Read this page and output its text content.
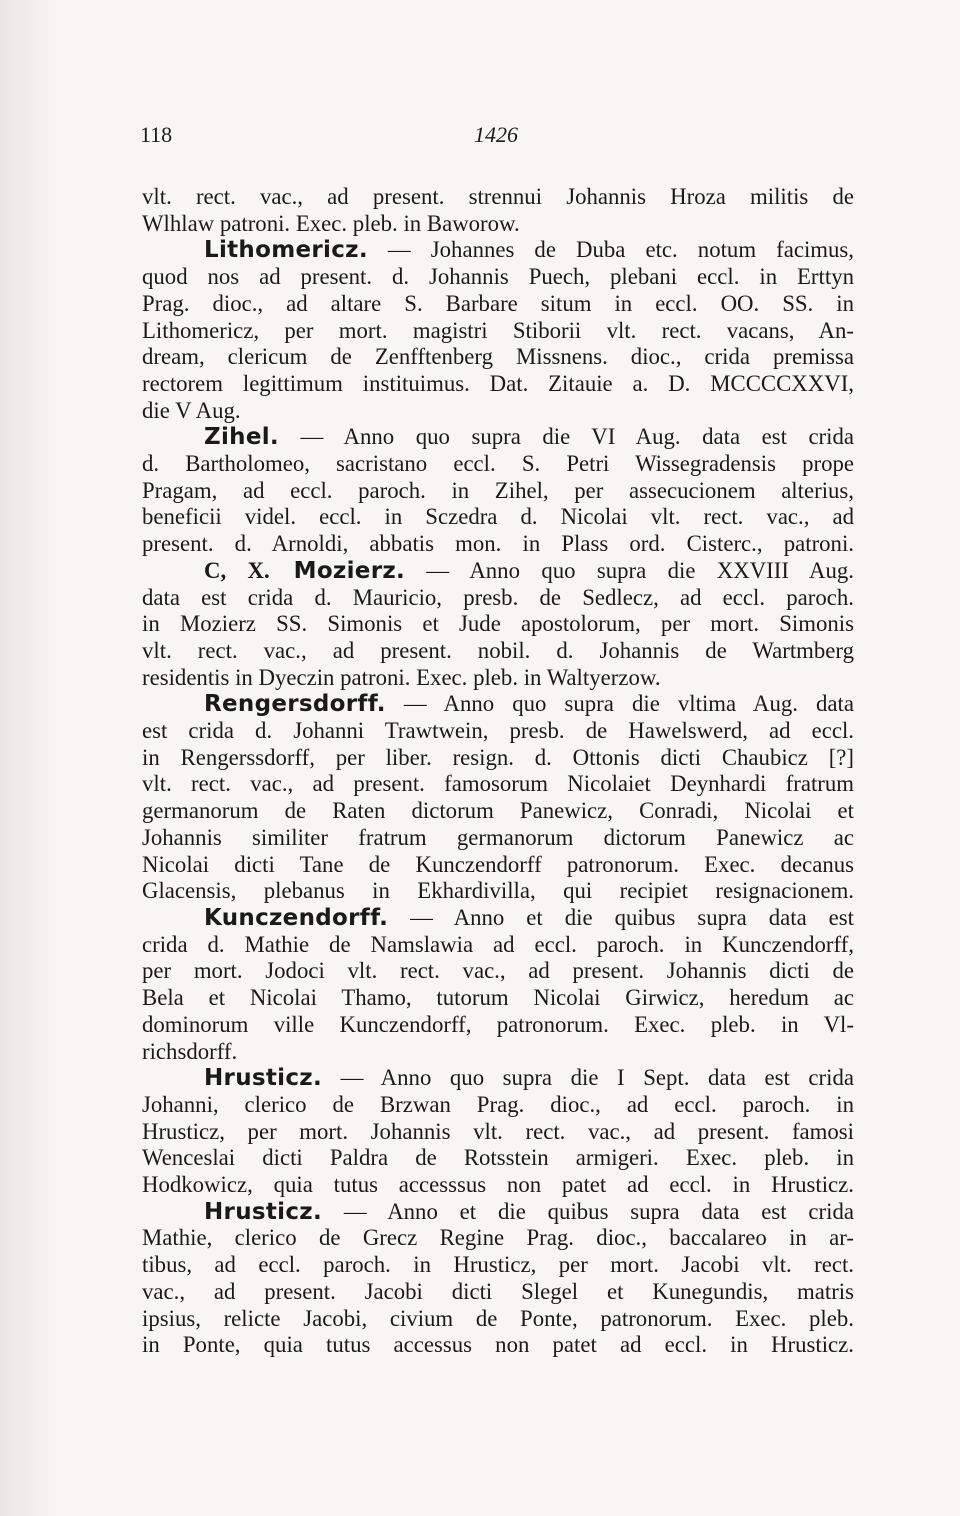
118	1426
vlt. rect. vac., ad present. strennui Johannis Hroza militis de
Wlhlaw patroni. Exec. pleb. in Baworow.
Lithomericz. — Johannes de Duba etc. notum facimus,
quod nos ad present. d. Johannis Puech, plebani eccl. in Erttyn
Prag. dioc., ad altare S. Barbare situm in eccl. OO. SS. in
Lithomericz, per mort. magistri Stiborii vlt. rect. vacans, An-
dream, clericum de Zenfftenberg Missnens. dioc., crida premissa
rectorem legittimum instituimus. Dat. Zitauie a. D. MCCCCXXVI,
die V Aug.
Zihel. — Anno quo supra die VI Aug. data est crida
d. Bartholomeo, sacristano eccl. S. Petri Wissegradensis prope
Pragam, ad eccl. paroch. in Zihel, per assecucionem alterius,
beneficii videl. eccl. in Sczedra d. Nicolai vlt. rect. vac., ad
present. d. Arnoldi, abbatis mon. in Plass ord. Cisterc., patroni.
C, X. Mozierz. — Anno quo supra die XXVIII Aug.
data est crida d. Mauricio, presb. de Sedlecz, ad eccl. paroch.
in Mozierz SS. Simonis et Jude apostolorum, per mort. Simonis
vlt. rect. vac., ad present. nobil. d. Johannis de Wartmberg
residentis in Dyeczin patroni. Exec. pleb. in Waltyerzow.
Rengersdorff. — Anno quo supra die vltima Aug. data
est crida d. Johanni Trawtwein, presb. de Hawelswerd, ad eccl.
in Rengerssdorff, per liber. resign. d. Ottonis dicti Chaubicz [?]
vlt. rect. vac., ad present. famosorum Nicolaiet Deynhardi fratrum
germanorum de Raten dictorum Panewicz, Conradi, Nicolai et
Johannis similiter fratrum germanorum dictorum Panewicz ac
Nicolai dicti Tane de Kunczendorff patronorum. Exec. decanus
Glacensis, plebanus in Ekhardivilla, qui recipiet resignacionem.
Kunczendorff. — Anno et die quibus supra data est
crida d. Mathie de Namslawia ad eccl. paroch. in Kunczendorff,
per mort. Jodoci vlt. rect. vac., ad present. Johannis dicti de
Bela et Nicolai Thamo, tutorum Nicolai Girwicz, heredum ac
dominorum ville Kunczendorff, patronorum. Exec. pleb. in Vl-
richsdorff.
Hrusticz. — Anno quo supra die I Sept. data est crida
Johanni, clerico de Brzwan Prag. dioc., ad eccl. paroch. in
Hrusticz, per mort. Johannis vlt. rect. vac., ad present. famosi
Wenceslai dicti Paldra de Rotsstein armigeri. Exec. pleb. in
Hodkowicz, quia tutus accesssus non patet ad eccl. in Hrusticz.
Hrusticz. — Anno et die quibus supra data est crida
Mathie, clerico de Grecz Regine Prag. dioc., baccalareo in ar-
tibus, ad eccl. paroch. in Hrusticz, per mort. Jacobi vlt. rect.
vac., ad present. Jacobi dicti Slegel et Kunegundis, matris
ipsius, relicte Jacobi, civium de Ponte, patronorum. Exec. pleb.
in Ponte, quia tutus accessus non patet ad eccl. in Hrusticz.
